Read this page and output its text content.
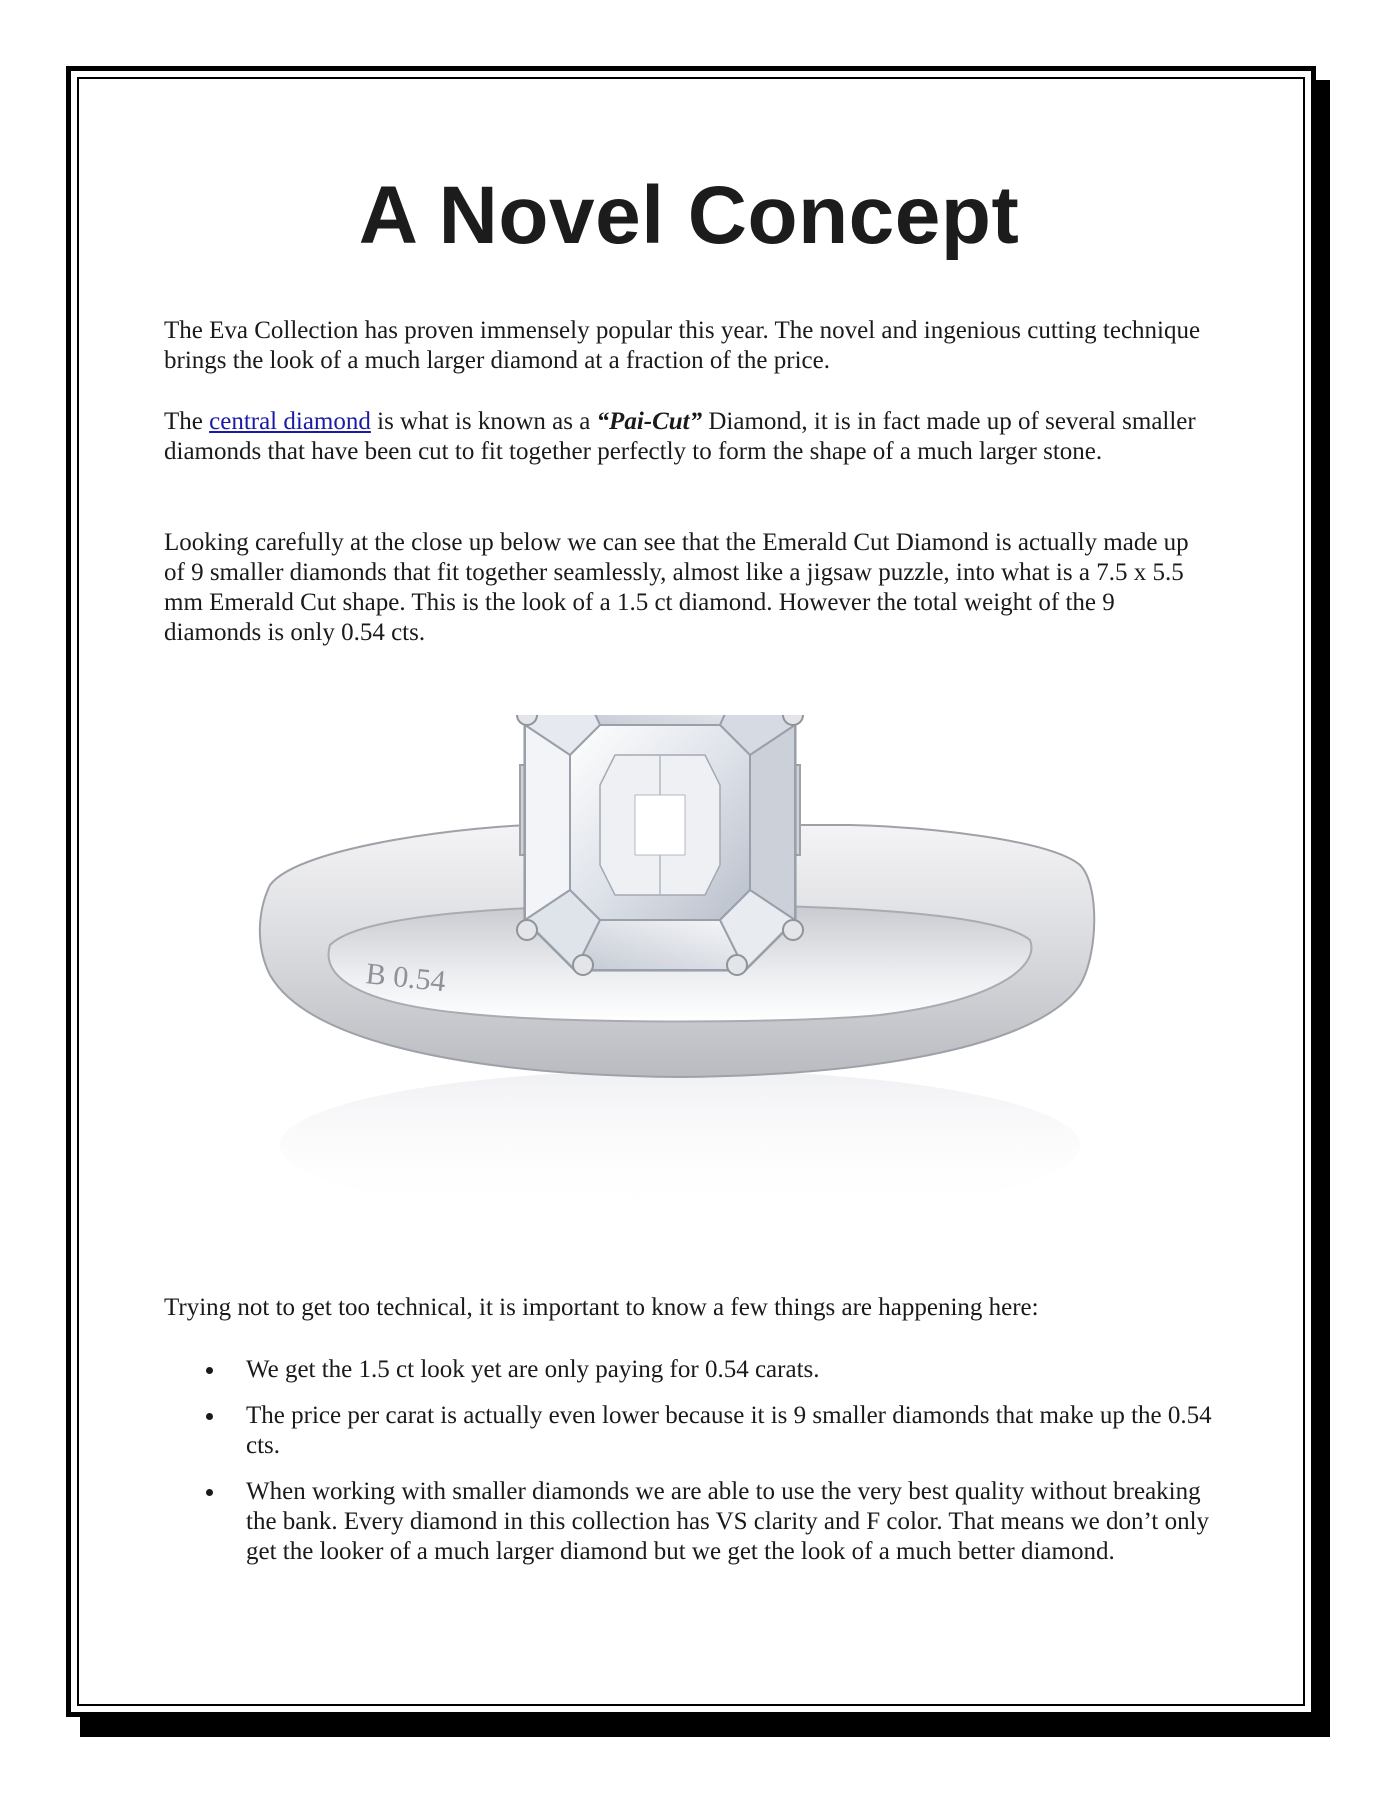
A Novel Concept

The Eva Collection has proven immensely popular this year. The novel and ingenious cutting technique brings the look of a much larger diamond at a fraction of the price.

The central diamond is what is known as a “Pai-Cut” Diamond, it is in fact made up of several smaller diamonds that have been cut to fit together perfectly to form the shape of a much larger stone.

Looking carefully at the close up below we can see that the Emerald Cut Diamond is actually made up of 9 smaller diamonds that fit together seamlessly, almost like a jigsaw puzzle, into what is a 7.5 x 5.5 mm Emerald Cut shape. This is the look of a 1.5 ct diamond. However the total weight of the 9 diamonds is only 0.54 cts.

Trying not to get too technical, it is important to know a few things are happening here:

We get the 1.5 ct look yet are only paying for 0.54 carats.
The price per carat is actually even lower because it is 9 smaller diamonds that make up the 0.54 cts.
When working with smaller diamonds we are able to use the very best quality without breaking the bank. Every diamond in this collection has VS clarity and F color. That means we don’t only get the looker of a much larger diamond but we get the look of a much better diamond.
B 0.54
